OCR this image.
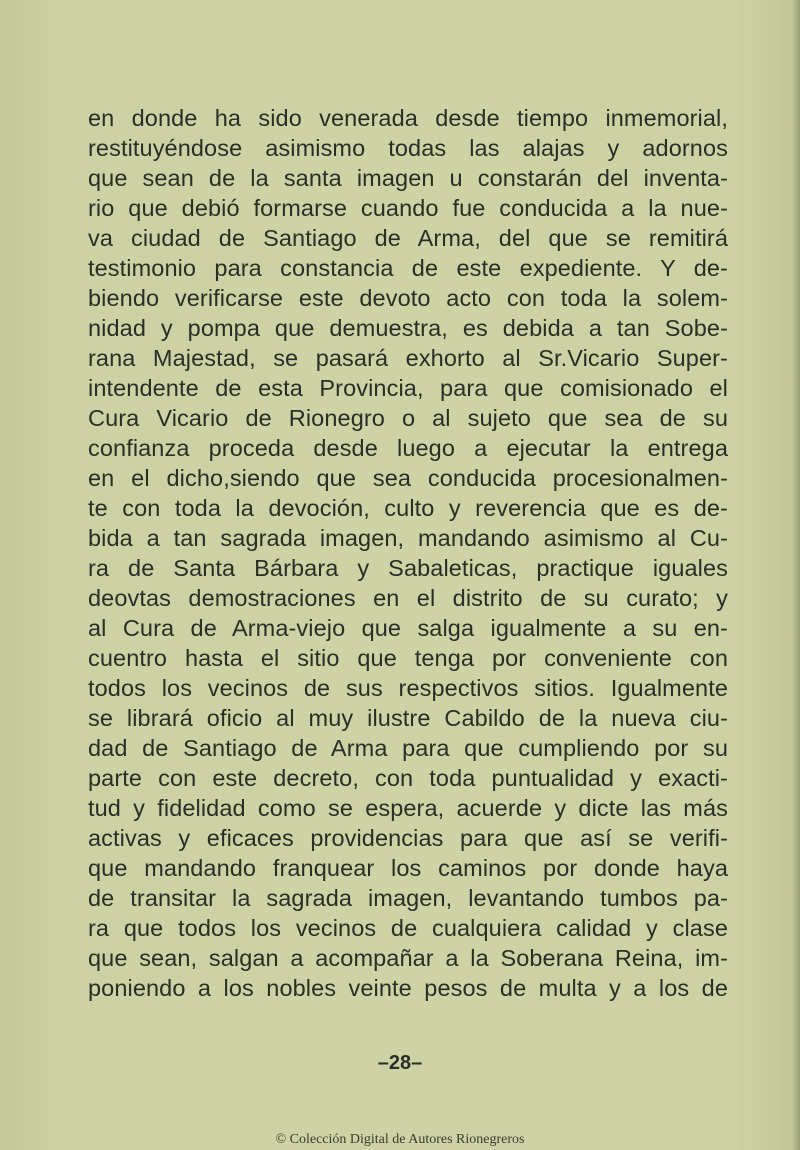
en donde ha sido venerada desde tiempo inmemorial,
restituyéndose asimismo todas las alajas y adornos
que sean de la santa imagen u constarán del inventa-
rio que debió formarse cuando fue conducida a la nue-
va ciudad de Santiago de Arma, del que se remitirá
testimonio para constancia de este expediente. Y de-
biendo verificarse este devoto acto con toda la solem-
nidad y pompa que demuestra, es debida a tan Sobe-
rana Majestad, se pasará exhorto al Sr.Vicario Super-
intendente de esta Provincia, para que comisionado el
Cura Vicario de Rionegro o al sujeto que sea de su
confianza proceda desde luego a ejecutar la entrega
en el dicho,siendo que sea conducida procesionalmen-
te con toda la devoción, culto y reverencia que es de-
bida a tan sagrada imagen, mandando asimismo al Cu-
ra de Santa Bárbara y Sabaleticas, practique iguales
deovtas demostraciones en el distrito de su curato; y
al Cura de Arma-viejo que salga igualmente a su en-
cuentro hasta el sitio que tenga por conveniente con
todos los vecinos de sus respectivos sitios. Igualmente
se librará oficio al muy ilustre Cabildo de la nueva ciu-
dad de Santiago de Arma para que cumpliendo por su
parte con este decreto, con toda puntualidad y exacti-
tud y fidelidad como se espera, acuerde y dicte las más
activas y eficaces providencias para que así se verifi-
que mandando franquear los caminos por donde haya
de transitar la sagrada imagen, levantando tumbos pa-
ra que todos los vecinos de cualquiera calidad y clase
que sean, salgan a acompañar a la Soberana Reina, im-
poniendo a los nobles veinte pesos de multa y a los de
–28–
© Colección Digital de Autores Rionegreros
